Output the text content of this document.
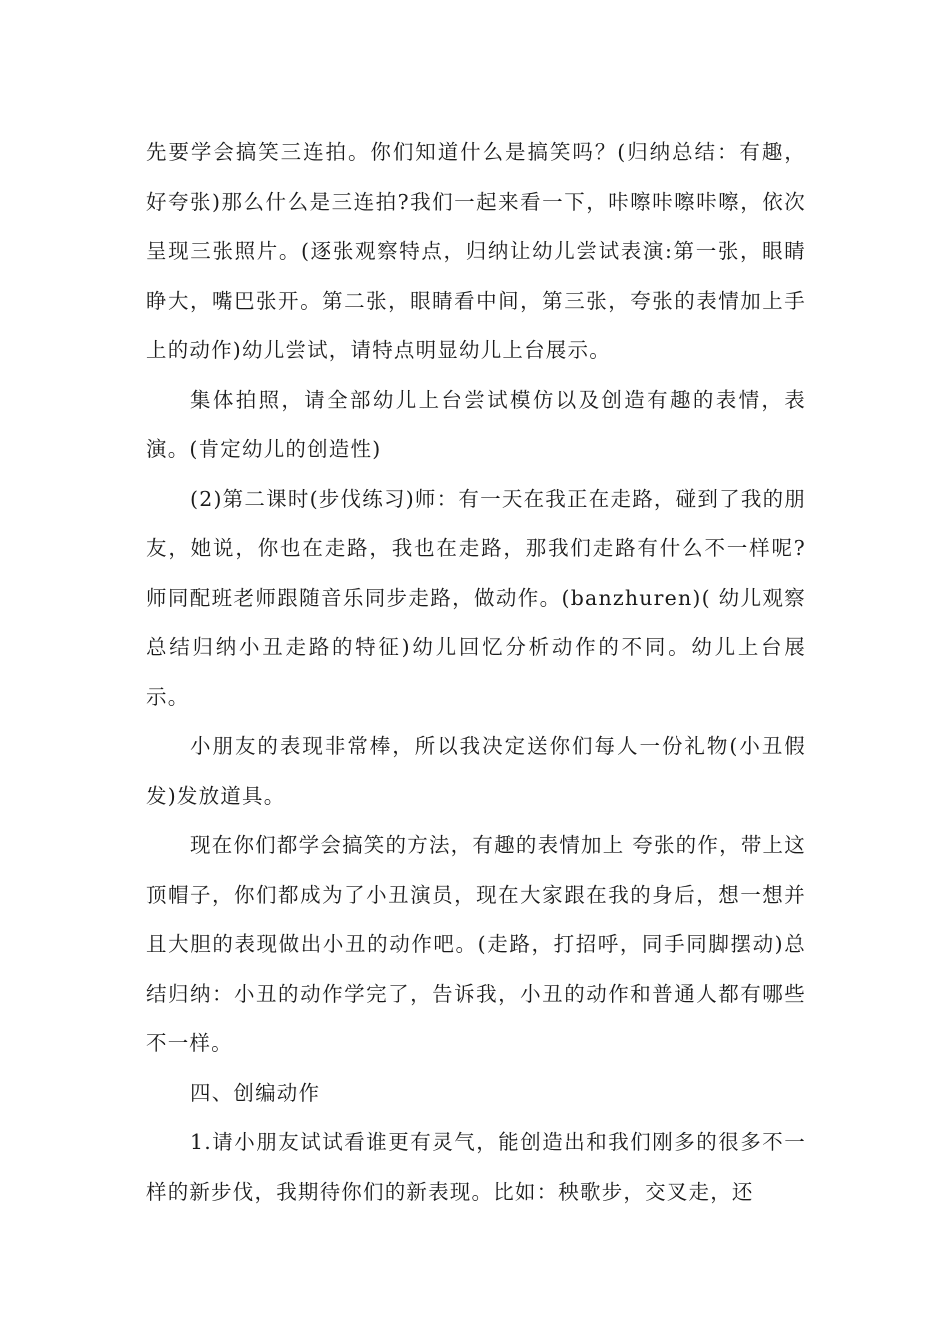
先要学会搞笑三连拍。你们知道什么是搞笑吗？(归纳总结：有趣，好夸张)那么什么是三连拍?我们一起来看一下，咔嚓咔嚓咔嚓，依次呈现三张照片。(逐张观察特点，归纳让幼儿尝试表演:第一张，眼睛睁大，嘴巴张开。第二张，眼睛看中间，第三张，夸张的表情加上手上的动作)幼儿尝试，请特点明显幼儿上台展示。

集体拍照，请全部幼儿上台尝试模仿以及创造有趣的表情，表演。(肯定幼儿的创造性)

(2)第二课时(步伐练习)师：有一天在我正在走路，碰到了我的朋友，她说，你也在走路，我也在走路，那我们走路有什么不一样呢?师同配班老师跟随音乐同步走路，做动作。(banzhuren)( 幼儿观察 总结归纳小丑走路的特征)幼儿回忆分析动作的不同。幼儿上台展示。

小朋友的表现非常棒，所以我决定送你们每人一份礼物(小丑假发)发放道具。

现在你们都学会搞笑的方法，有趣的表情加上 夸张的作，带上这顶帽子，你们都成为了小丑演员，现在大家跟在我的身后，想一想并且大胆的表现做出小丑的动作吧。(走路，打招呼，同手同脚摆动)总结归纳：小丑的动作学完了，告诉我，小丑的动作和普通人都有哪些不一样。

四、创编动作

1.请小朋友试试看谁更有灵气，能创造出和我们刚多的很多不一样的新步伐，我期待你们的新表现。比如：秧歌步，交叉走，还
